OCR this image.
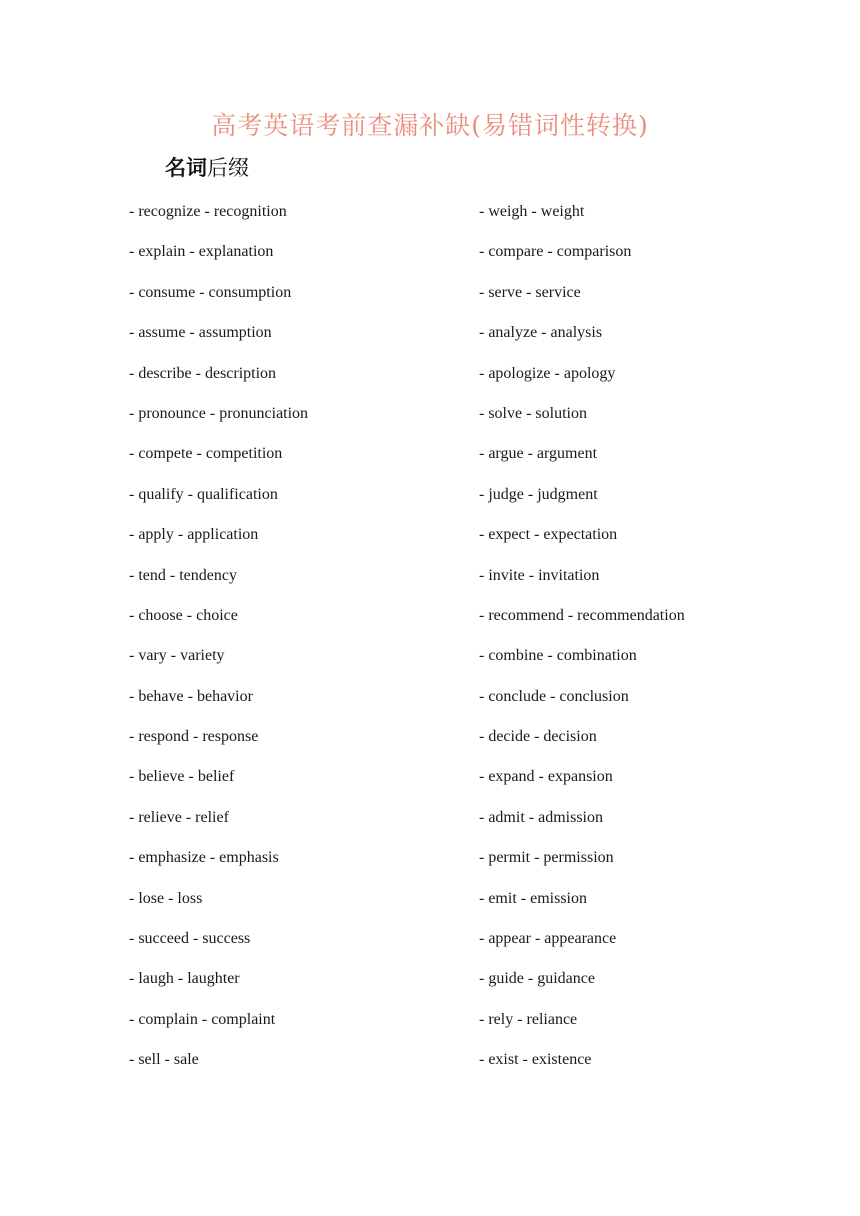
高考英语考前查漏补缺(易错词性转换)
名词后缀
- recognize - recognition
- explain - explanation
- consume - consumption
- assume - assumption
- describe - description
- pronounce - pronunciation
- compete - competition
- qualify - qualification
- apply - application
- tend - tendency
- choose - choice
- vary - variety
- behave - behavior
- respond - response
- believe - belief
- relieve - relief
- emphasize - emphasis
- lose - loss
- succeed - success
- laugh - laughter
- complain - complaint
- sell - sale
- weigh - weight
- compare - comparison
- serve - service
- analyze - analysis
- apologize - apology
- solve - solution
- argue - argument
- judge - judgment
- expect - expectation
- invite - invitation
- recommend - recommendation
- combine - combination
- conclude - conclusion
- decide - decision
- expand - expansion
- admit - admission
- permit - permission
- emit - emission
- appear - appearance
- guide - guidance
- rely - reliance
- exist - existence
